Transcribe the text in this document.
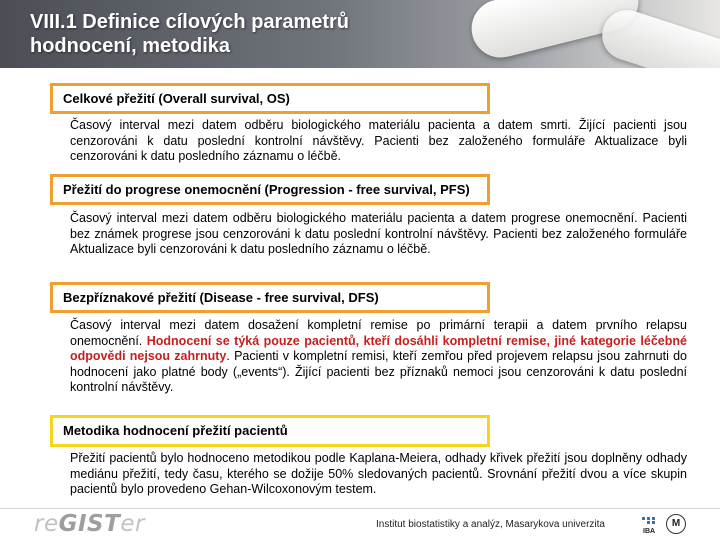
VIII.1 Definice cílových parametrů
hodnocení, metodika
Celkové přežití (Overall survival, OS)
Časový interval mezi datem odběru biologického materiálu pacienta a datem smrti. Žijící pacienti jsou cenzorováni k datu poslední kontrolní návštěvy. Pacienti bez založeného formuláře Aktualizace byli cenzorováni k datu posledního záznamu o léčbě.
Přežití do progrese onemocnění (Progression - free survival, PFS)
Časový interval mezi datem odběru biologického materiálu pacienta a datem progrese onemocnění. Pacienti bez známek progrese jsou cenzorováni k datu poslední kontrolní návštěvy. Pacienti bez založeného formuláře Aktualizace byli cenzorováni k datu posledního záznamu o léčbě.
Bezpříznakové přežití (Disease - free survival, DFS)
Časový interval mezi datem dosažení kompletní remise po primární terapii a datem prvního relapsu onemocnění. Hodnocení se týká pouze pacientů, kteří dosáhli kompletní remise, jiné kategorie léčebné odpovědi nejsou zahrnuty. Pacienti v kompletní remisi, kteří zemřou před projevem relapsu jsou zahrnuti do hodnocení jako platné body („events“). Žijící pacienti bez příznaků nemoci jsou cenzorováni k datu poslední kontrolní návštěvy.
Metodika hodnocení přežití pacientů
Přežití pacientů bylo hodnoceno metodikou podle Kaplana-Meiera, odhady křivek přežití jsou doplněny odhady mediánu přežití, tedy času, kterého se dožije 50% sledovaných pacientů. Srovnání přežití dvou a více skupin pacientů bylo provedeno Gehan-Wilcoxonovým testem.
reGISTer	Institut biostatistiky a analýz, Masarykova univerzita
IBA
M
